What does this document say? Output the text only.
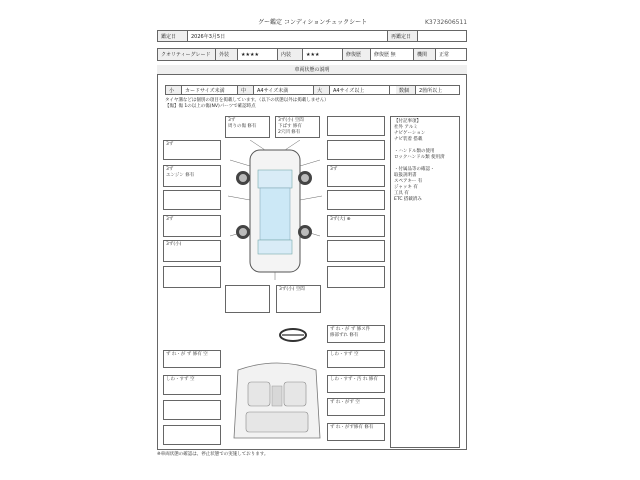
グー鑑定 コンディションチェックシート	K3732606511
鑑定日	2026年3月5日	再鑑定日
クオリティーグレード	外装	★★★★	内装	★★★	修復歴	修復歴 無	機関	正常
車両状態の説明
小	カードサイズ未満	中	A4サイズ未満	大	A4サイズ以上	数個	2箇所以上
タイヤ溝などは個別の項目を掲載しています。（以下の状態以外は掲載しません）
【傷】傷 1の以上の傷(NV)パーツで確認時点
3ず
周りの傷 修有
3ず(小) 空間
下ばす 修有
2穴凹 修有
3ず
3ず
エンジン 修有
3ず
3ず	3ず(大) ⊕
3ず(小)
3ず(小) 空間
ず れ・が ず 修ス件
修部ずれ 修有
ず れ・が ず 修有 空	しわ・すず 空
しわ・すず 空	しわ・すず・汚 れ 修有
ず れ・がず 空
ず れ・がず修有 修有
【付記事項】
社外 アルミ
ナビゲーション
ナビ装着 搭載
・ハンドル類の使用
ロックハンドル類 使用済
・付属品等の確認・
取扱説明書
スペアキー 有
ジャッキ 有
工具 有
ETC 搭載済み
※車両状態の確認は、停止状態での実施しております。
